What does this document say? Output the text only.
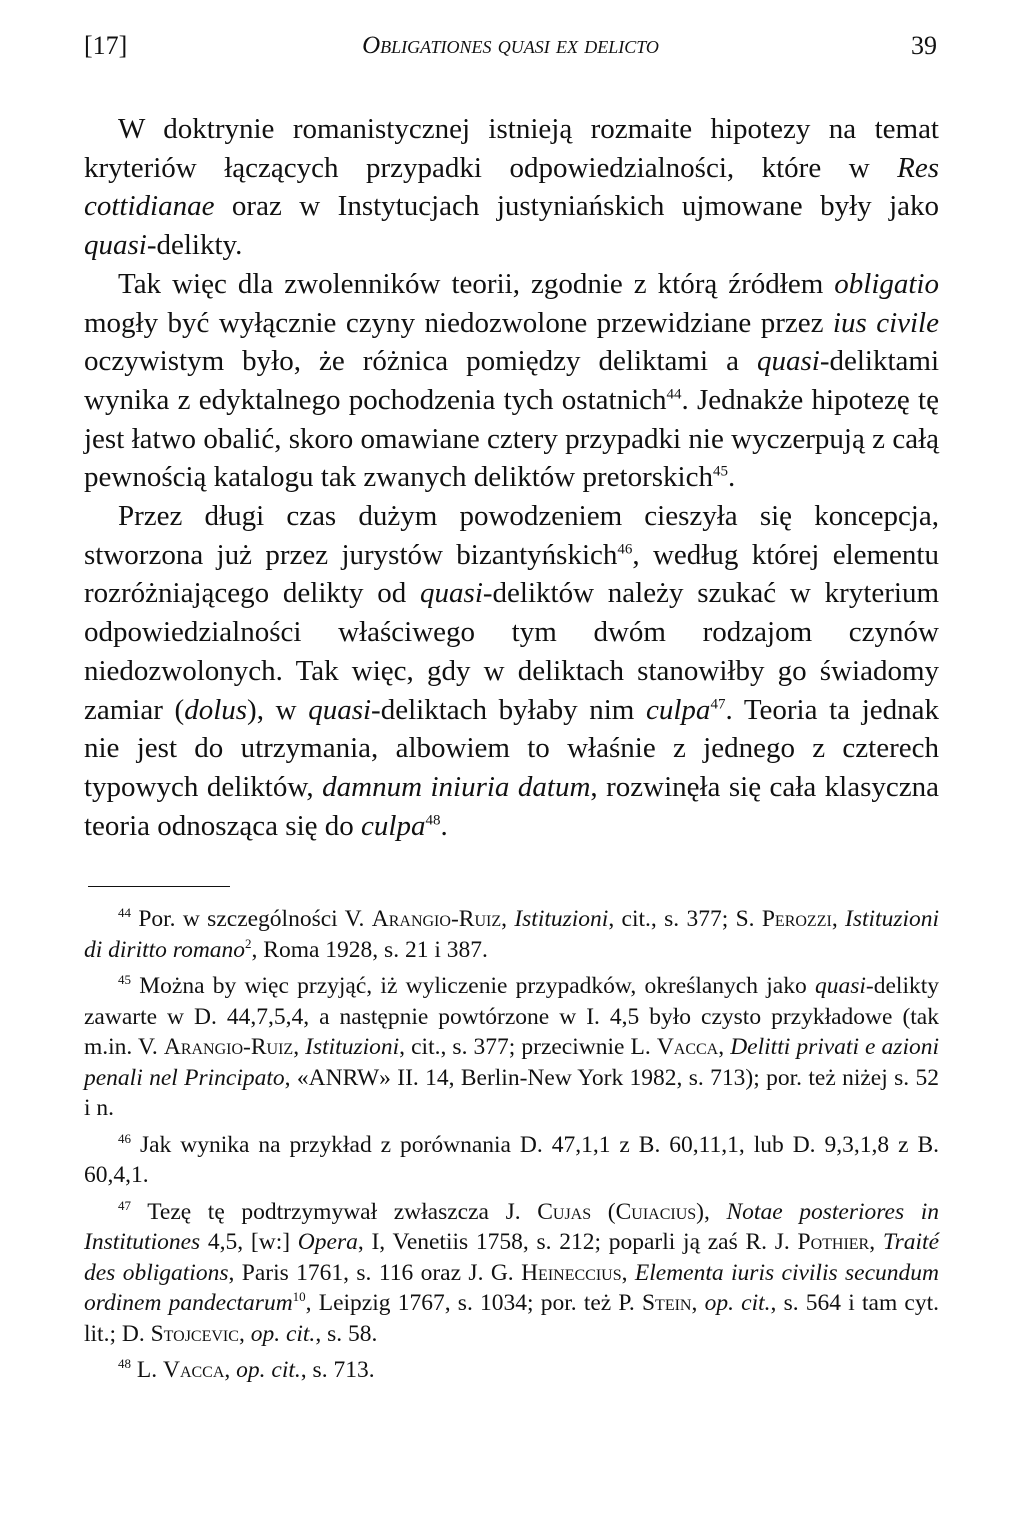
[17]	Obligationes quasi ex delicto	39

W doktrynie romanistycznej istnieją rozmaite hipotezy na temat kryteriów łączących przypadki odpowiedzialności, które w Res cottidianae oraz w Instytucjach justyniańskich ujmowane były jako quasi-delikty.

Tak więc dla zwolenników teorii, zgodnie z którą źródłem obligatio mogły być wyłącznie czyny niedozwolone przewidziane przez ius civile oczywistym było, że różnica pomiędzy deliktami a quasi-deliktami wynika z edyktalnego pochodzenia tych ostatnich$^{44}$. Jednakże hipotezę tę jest łatwo obalić, skoro omawiane cztery przypadki nie wyczerpują z całą pewnością katalogu tak zwanych deliktów pretorskich$^{45}$.

Przez długi czas dużym powodzeniem cieszyła się koncepcja, stworzona już przez jurystów bizantyńskich$^{46}$, według której elementu rozróżniającego delikty od quasi-deliktów należy szukać w kryterium odpowiedzialności właściwego tym dwóm rodzajom czynów niedozwolonych. Tak więc, gdy w deliktach stanowiłby go świadomy zamiar (dolus), w quasi-deliktach byłaby nim culpa$^{47}$. Teoria ta jednak nie jest do utrzymania, albowiem to właśnie z jednego z czterech typowych deliktów, damnum iniuria datum, rozwinęła się cała klasyczna teoria odnosząca się do culpa$^{48}$.

$^{44}$ Por. w szczególności V. Arangio-Ruiz, Istituzioni, cit., s. 377; S. Perozzi, Istituzioni di diritto romano$^2$, Roma 1928, s. 21 i 387.

$^{45}$ Można by więc przyjąć, iż wyliczenie przypadków, określanych jako quasi-delikty zawarte w D. 44,7,5,4, a następnie powtórzone w I. 4,5 było czysto przykładowe (tak m.in. V. Arangio-Ruiz, Istituzioni, cit., s. 377; przeciwnie L. Vacca, Delitti privati e azioni penali nel Principato, «ANRW» II. 14, Berlin-New York 1982, s. 713); por. też niżej s. 52 i n.

$^{46}$ Jak wynika na przykład z porównania D. 47,1,1 z B. 60,11,1, lub D. 9,3,1,8 z B. 60,4,1.

$^{47}$ Tezę tę podtrzymywał zwłaszcza J. Cujas (Cuiacius), Notae posteriores in Institutiones 4,5, [w:] Opera, I, Venetiis 1758, s. 212; poparli ją zaś R. J. Pothier, Traité des obligations, Paris 1761, s. 116 oraz J. G. Heineccius, Elementa iuris civilis secundum ordinem pandectarum$^{10}$, Leipzig 1767, s. 1034; por. też P. Stein, op. cit., s. 564 i tam cyt. lit.; D. Stojcevic, op. cit., s. 58.

$^{48}$ L. Vacca, op. cit., s. 713.
